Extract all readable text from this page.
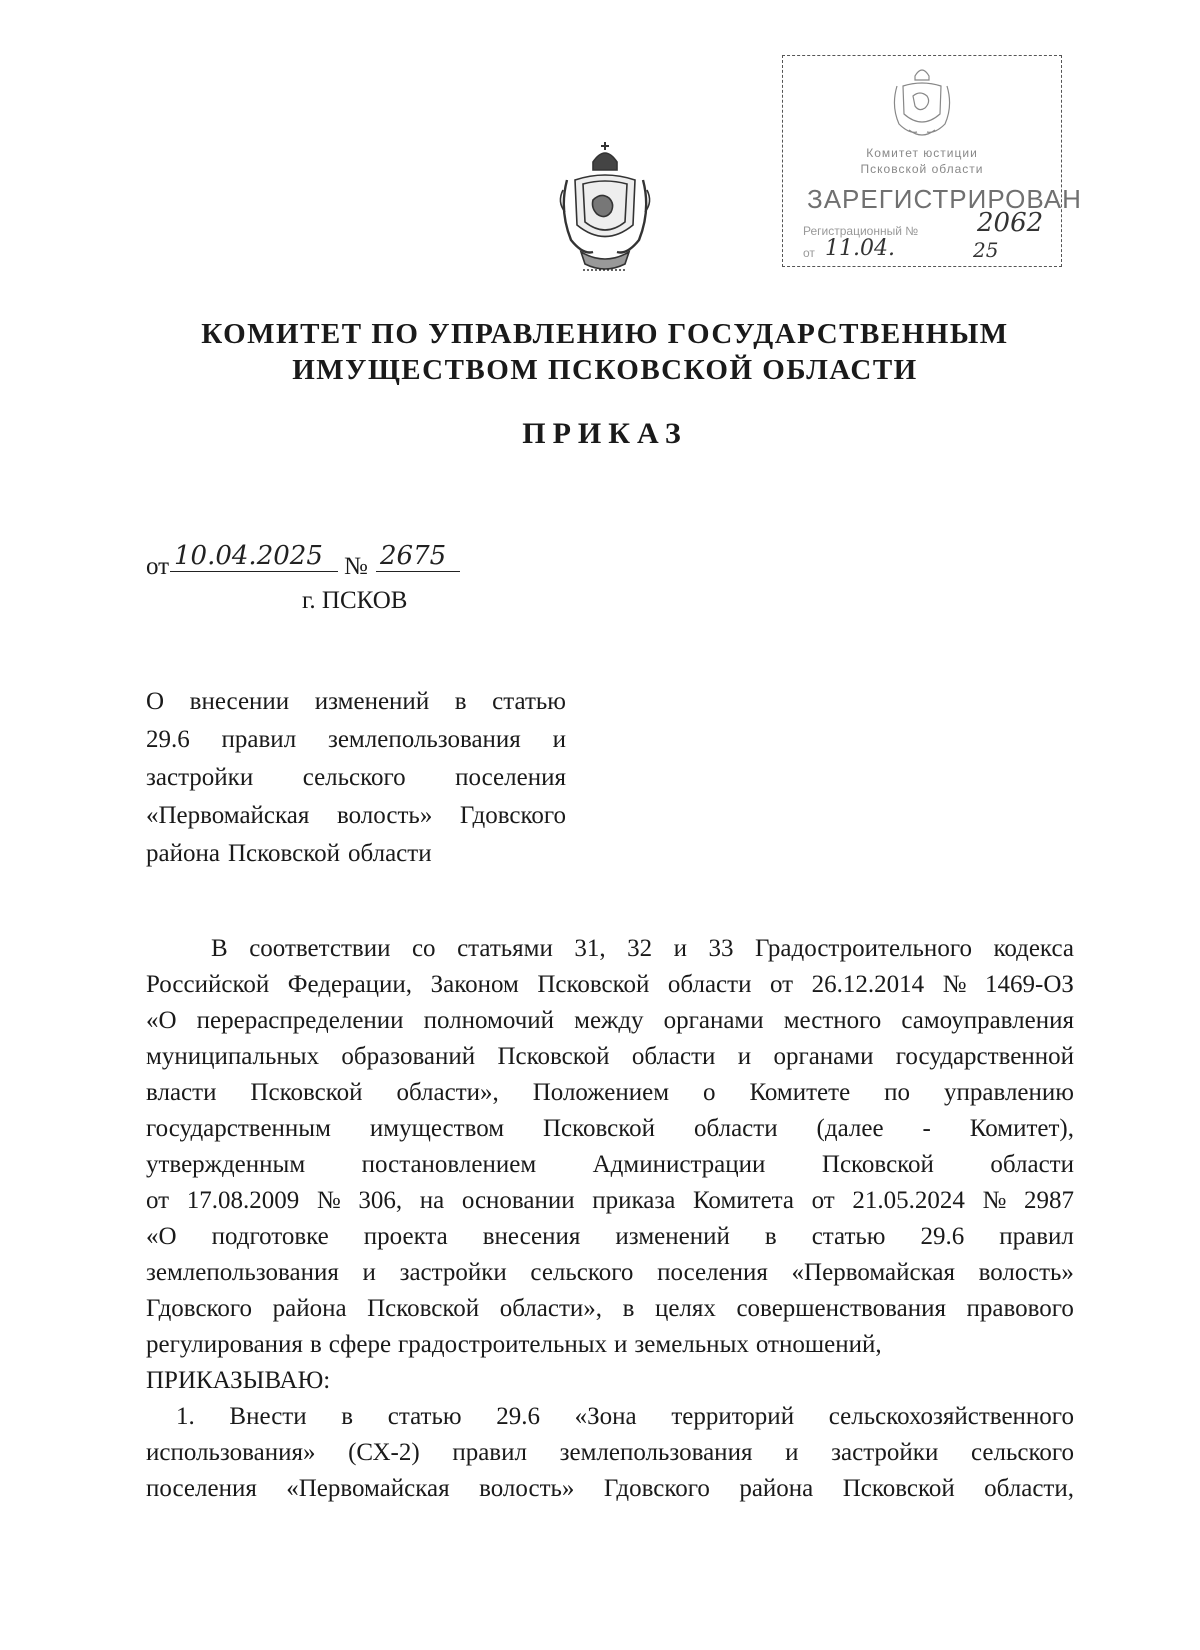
Комитет юстиции
Псковской области
ЗАРЕГИСТРИРОВАН
Регистрационный № 2062
от 11.04.	25
КОМИТЕТ ПО УПРАВЛЕНИЮ ГОСУДАРСТВЕННЫМ
ИМУЩЕСТВОМ ПСКОВСКОЙ ОБЛАСТИ
ПРИКАЗ
от 10.04.2025 № 2675
г. ПСКОВ
О внесении изменений в статью
29.6 правил землепользования и
застройки сельского поселения
«Первомайская волость» Гдовского
района Псковской области
В соответствии со статьями 31, 32 и 33 Градостроительного кодекса
Российской Федерации, Законом Псковской области от 26.12.2014 № 1469-ОЗ
«О перераспределении полномочий между органами местного самоуправления
муниципальных образований Псковской области и органами государственной
власти Псковской области», Положением о Комитете по управлению
государственным имуществом Псковской области (далее - Комитет),
утвержденным постановлением Администрации Псковской области
от 17.08.2009 № 306, на основании приказа Комитета от 21.05.2024 № 2987
«О подготовке проекта внесения изменений в статью 29.6 правил
землепользования и застройки сельского поселения «Первомайская волость»
Гдовского района Псковской области», в целях совершенствования правового
регулирования в сфере градостроительных и земельных отношений,
ПРИКАЗЫВАЮ:
1. Внести в статью 29.6 «Зона территорий сельскохозяйственного
использования» (СХ-2) правил землепользования и застройки сельского
поселения «Первомайская волость» Гдовского района Псковской области,
